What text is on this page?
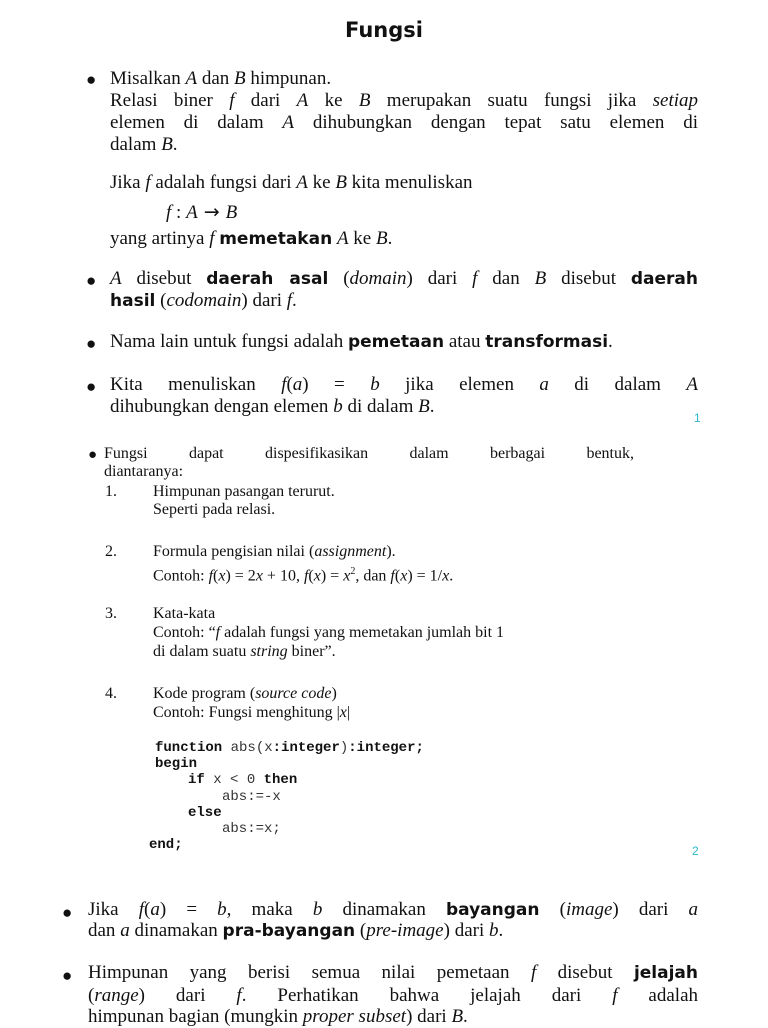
Fungsi
● Misalkan A dan B himpunan.
Relasi biner f dari A ke B merupakan suatu fungsi jika setiap
elemen di dalam A dihubungkan dengan tepat satu elemen di
dalam B.
Jika f adalah fungsi dari A ke B kita menuliskan
f : A → B
yang artinya f memetakan A ke B.
● A disebut daerah asal (domain) dari f dan B disebut daerah
hasil (codomain) dari f.
● Nama lain untuk fungsi adalah pemetaan atau transformasi.
● Kita menuliskan f(a) = b jika elemen a di dalam A
dihubungkan dengan elemen b di dalam B.
1
● Fungsi dapat dispesifikasikan dalam berbagai bentuk,
diantaranya:
1. Himpunan pasangan terurut.
Seperti pada relasi.
2. Formula pengisian nilai (assignment).
Contoh: f(x) = 2x + 10, $f(x) = x^2$, dan f(x) = 1/x.
3. Kata-kata
Contoh: “f adalah fungsi yang memetakan jumlah bit 1
di dalam suatu string biner”.
4. Kode program (source code)
Contoh: Fungsi menghitung |x|
function abs(x:integer):integer;
begin
if x < 0 then
abs:=-x
else
abs:=x;
end;	2
● Jika f(a) = b, maka b dinamakan bayangan (image) dari a
dan a dinamakan pra-bayangan (pre-image) dari b.
● Himpunan yang berisi semua nilai pemetaan f disebut jelajah
(range) dari f. Perhatikan bahwa jelajah dari f adalah
himpunan bagian (mungkin proper subset) dari B.
